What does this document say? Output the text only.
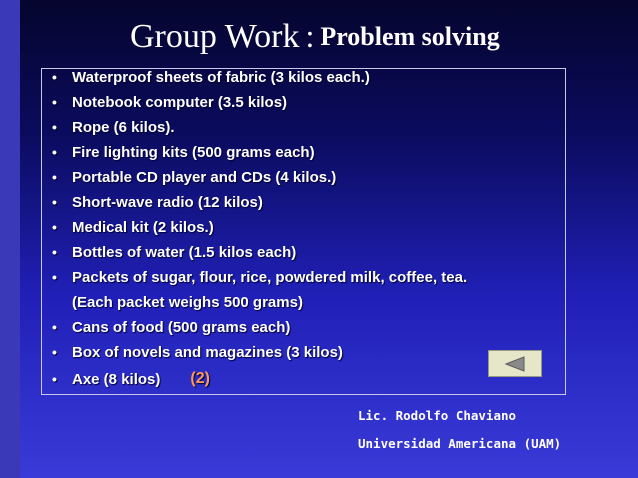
Group Work : Problem solving
• Waterproof sheets of fabric (3 kilos each.)
• Notebook computer (3.5 kilos)
• Rope (6 kilos).
• Fire lighting kits (500 grams each)
• Portable CD player and CDs (4 kilos.)
• Short-wave radio (12 kilos)
• Medical kit (2 kilos.)
• Bottles of water (1.5 kilos each)
• Packets of sugar, flour, rice, powdered milk, coffee, tea.
(Each packet weighs 500 grams)
• Cans of food (500 grams each)
• Box of novels and magazines (3 kilos)
• Axe (8 kilos) (2)
Lic. Rodolfo Chaviano
Universidad Americana (UAM)
